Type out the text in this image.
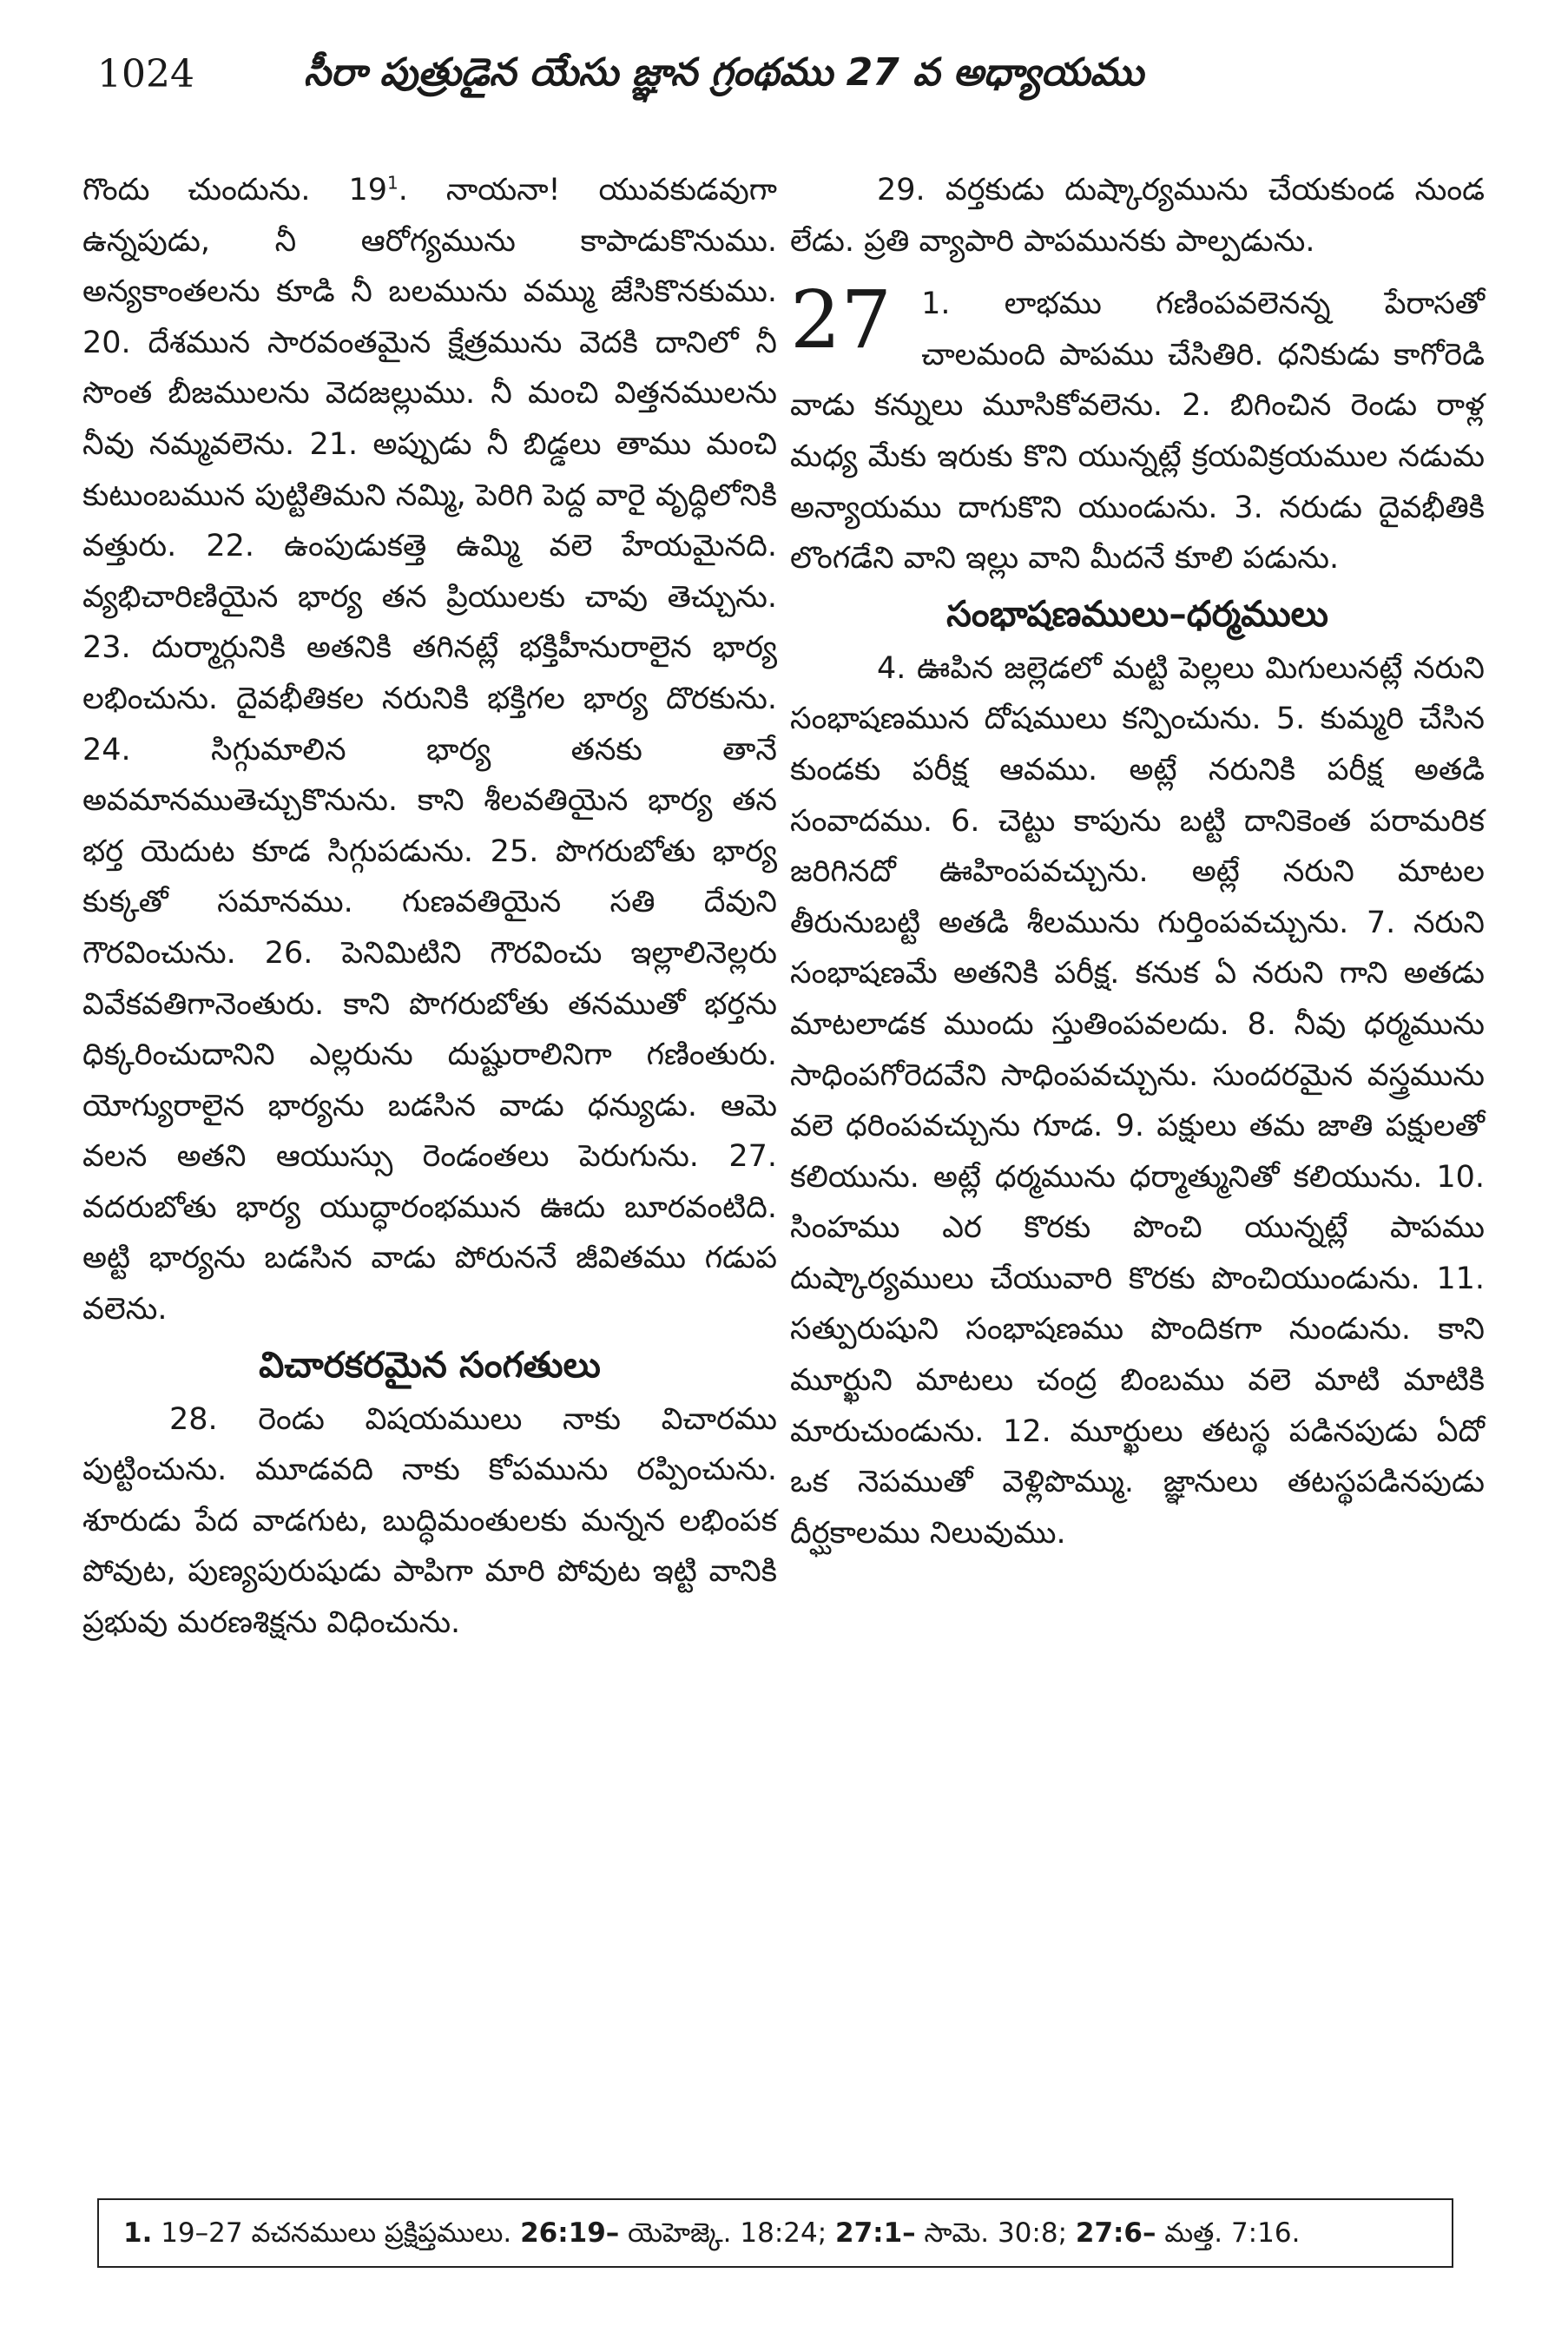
1024	సీరా పుత్రుడైన యేసు జ్ఞాన గ్రంథము 27 వ అధ్యాయము

గొందు చుందును. $19^1$. నాయనా! యువకుడవుగా ఉన్నపుడు, నీ ఆరోగ్యమును కాపాడుకొనుము. అన్యకాంతలను కూడి నీ బలమును వమ్ము జేసికొనకుము. 20. దేశమున సారవంతమైన క్షేత్రమును వెదకి దానిలో నీ సొంత బీజములను వెదజల్లుము. నీ మంచి విత్తనములను నీవు నమ్మవలెను. 21. అప్పుడు నీ బిడ్డలు తాము మంచి కుటుంబమున పుట్టితిమని నమ్మి, పెరిగి పెద్ద వారై వృద్ధిలోనికి వత్తురు. 22. ఉంపుడుకత్తె ఉమ్మి వలె హేయమైనది. వ్యభిచారిణియైన భార్య తన ప్రియులకు చావు తెచ్చును. 23. దుర్మార్గునికి అతనికి తగినట్లే భక్తిహీనురాలైన భార్య లభించును. దైవభీతికల నరునికి భక్తిగల భార్య దొరకును. 24. సిగ్గుమాలిన భార్య తనకు తానే అవమానముతెచ్చుకొనును. కాని శీలవతియైన భార్య తన భర్త యెదుట కూడ సిగ్గుపడును. 25. పొగరుబోతు భార్య కుక్కతో సమానము. గుణవతియైన సతి దేవుని గౌరవించును. 26. పెనిమిటిని గౌరవించు ఇల్లాలినెల్లరు వివేకవతిగానెంతురు. కాని పొగరుబోతు తనముతో భర్తను ధిక్కరించుదానిని ఎల్లరును దుష్టురాలినిగా గణింతురు. యోగ్యురాలైన భార్యను బడసిన వాడు ధన్యుడు. ఆమె వలన అతని ఆయుస్సు రెండంతలు పెరుగును. 27. వదరుబోతు భార్య యుద్ధారంభమున ఊదు బూరవంటిది. అట్టి భార్యను బడసిన వాడు పోరుననే జీవితము గడుప వలెను.

విచారకరమైన సంగతులు

28. రెండు విషయములు నాకు విచారము పుట్టించును. మూడవది నాకు కోపమును రప్పించును. శూరుడు పేద వాడగుట, బుద్ధిమంతులకు మన్నన లభింపక పోవుట, పుణ్యపురుషుడు పాపిగా మారి పోవుట ఇట్టి వానికి ప్రభువు మరణశిక్షను విధించును.

29. వర్తకుడు దుష్కార్యమును చేయకుండ నుండ లేడు. ప్రతి వ్యాపారి పాపమునకు పాల్పడును.

27 1. లాభము గణింపవలెనన్న పేరాసతో చాలమంది పాపము చేసితిరి. ధనికుడు కాగోరెడి వాడు కన్నులు మూసికోవలెను. 2. బిగించిన రెండు రాళ్ల మధ్య మేకు ఇరుకు కొని యున్నట్లే క్రయవిక్రయముల నడుమ అన్యాయము దాగుకొని యుండును. 3. నరుడు దైవభీతికి లొంగడేని వాని ఇల్లు వాని మీదనే కూలి పడును.

సంభాషణములు–ధర్మములు

4. ఊపిన జల్లెడలో మట్టి పెల్లలు మిగులునట్లే నరుని సంభాషణమున దోషములు కన్పించును. 5. కుమ్మరి చేసిన కుండకు పరీక్ష ఆవము. అట్లే నరునికి పరీక్ష అతడి సంవాదము. 6. చెట్టు కాపును బట్టి దానికెంత పరామరిక జరిగినదో ఊహింపవచ్చును. అట్లే నరుని మాటల తీరునుబట్టి అతడి శీలమును గుర్తింపవచ్చును. 7. నరుని సంభాషణమే అతనికి పరీక్ష. కనుక ఏ నరుని గాని అతడు మాటలాడక ముందు స్తుతింపవలదు. 8. నీవు ధర్మమును సాధింపగోరెదవేని సాధింపవచ్చును. సుందరమైన వస్త్రమును వలె ధరింపవచ్చును గూడ. 9. పక్షులు తమ జాతి పక్షులతో కలియును. అట్లే ధర్మమును ధర్మాత్మునితో కలియును. 10. సింహము ఎర కొరకు పొంచి యున్నట్లే పాపము దుష్కార్యములు చేయువారి కొరకు పొంచియుండును. 11. సత్పురుషుని సంభాషణము పొందికగా నుండును. కాని మూర్ఖుని మాటలు చంద్ర బింబము వలె మాటి మాటికి మారుచుండును. 12. మూర్ఖులు తటస్థ పడినపుడు ఏదో ఒక నెపముతో వెళ్లిపొమ్ము. జ్ఞానులు తటస్థపడినపుడు దీర్ఘకాలము నిలువుము.

1. 19–27 వచనములు ప్రక్షిప్తములు. 26:19– యెహెజ్కె. 18:24; 27:1– సామె. 30:8; 27:6– మత్త. 7:16.
